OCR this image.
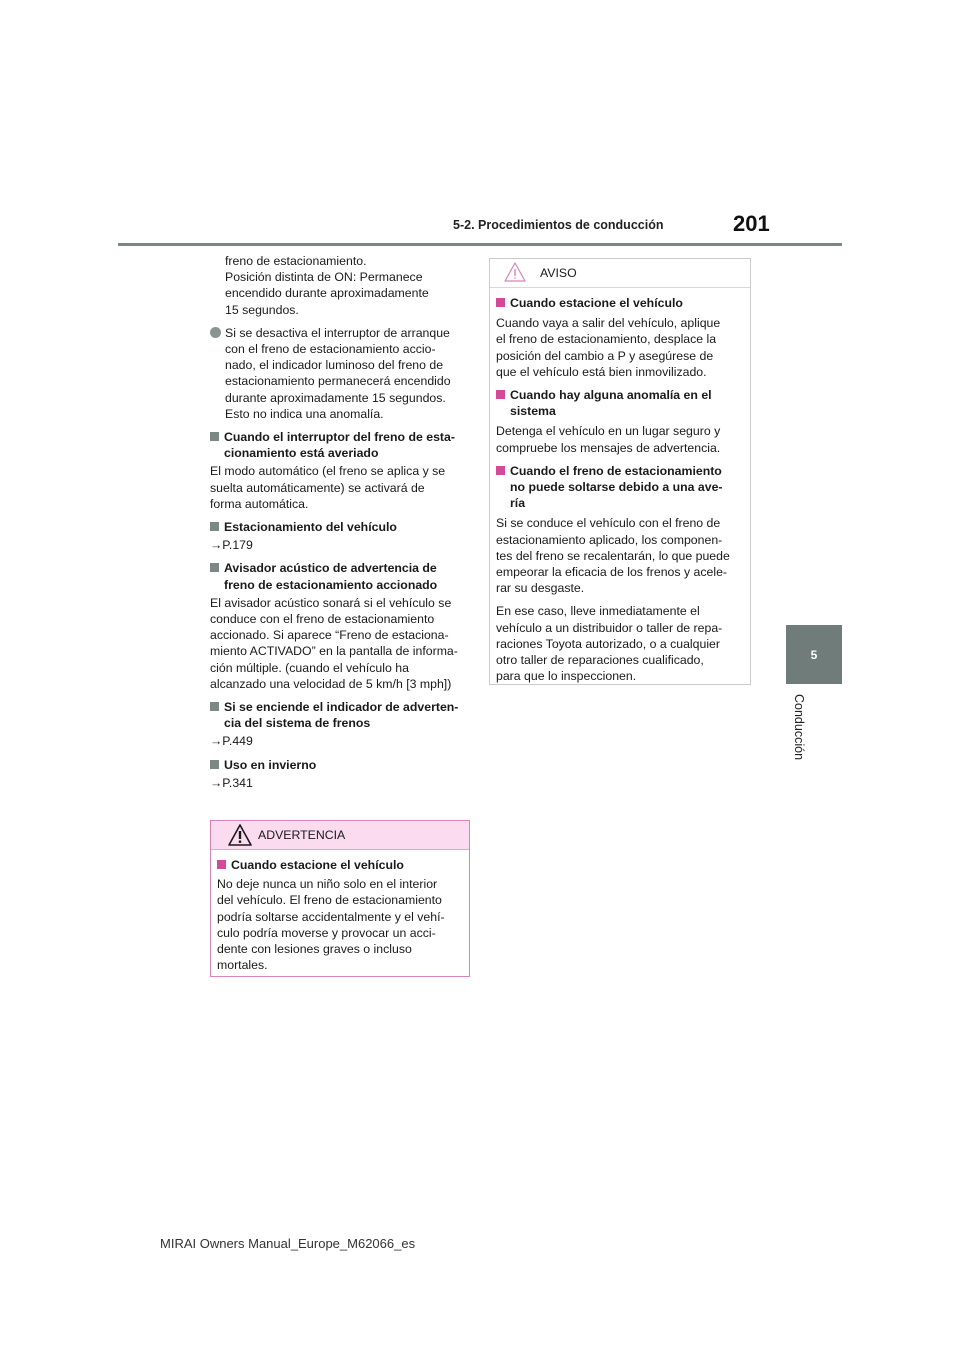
5-2. Procedimientos de conducción	201
5
Conducción
freno de estacionamiento.
Posición distinta de ON: Permanece
encendido durante aproximadamente
15 segundos.
Si se desactiva el interruptor de arranque
con el freno de estacionamiento accio-
nado, el indicador luminoso del freno de
estacionamiento permanecerá encendido
durante aproximadamente 15 segundos.
Esto no indica una anomalía.
Cuando el interruptor del freno de esta-
cionamiento está averiado
El modo automático (el freno se aplica y se
suelta automáticamente) se activará de
forma automática.
Estacionamiento del vehículo
→P.179
Avisador acústico de advertencia de
freno de estacionamiento accionado
El avisador acústico sonará si el vehículo se
conduce con el freno de estacionamiento
accionado. Si aparece “Freno de estaciona-
miento ACTIVADO” en la pantalla de informa-
ción múltiple. (cuando el vehículo ha
alcanzado una velocidad de 5 km/h [3 mph])
Si se enciende el indicador de adverten-
cia del sistema de frenos
→P.449
Uso en invierno
→P.341
ADVERTENCIA
Cuando estacione el vehículo
No deje nunca un niño solo en el interior
del vehículo. El freno de estacionamiento
podría soltarse accidentalmente y el vehí-
culo podría moverse y provocar un acci-
dente con lesiones graves o incluso
mortales.
AVISO
Cuando estacione el vehículo
Cuando vaya a salir del vehículo, aplique
el freno de estacionamiento, desplace la
posición del cambio a P y asegúrese de
que el vehículo está bien inmovilizado.
Cuando hay alguna anomalía en el
sistema
Detenga el vehículo en un lugar seguro y
compruebe los mensajes de advertencia.
Cuando el freno de estacionamiento
no puede soltarse debido a una ave-
ría
Si se conduce el vehículo con el freno de
estacionamiento aplicado, los componen-
tes del freno se recalentarán, lo que puede
empeorar la eficacia de los frenos y acele-
rar su desgaste.
En ese caso, lleve inmediatamente el
vehículo a un distribuidor o taller de repa-
raciones Toyota autorizado, o a cualquier
otro taller de reparaciones cualificado,
para que lo inspeccionen.
MIRAI Owners Manual_Europe_M62066_es
